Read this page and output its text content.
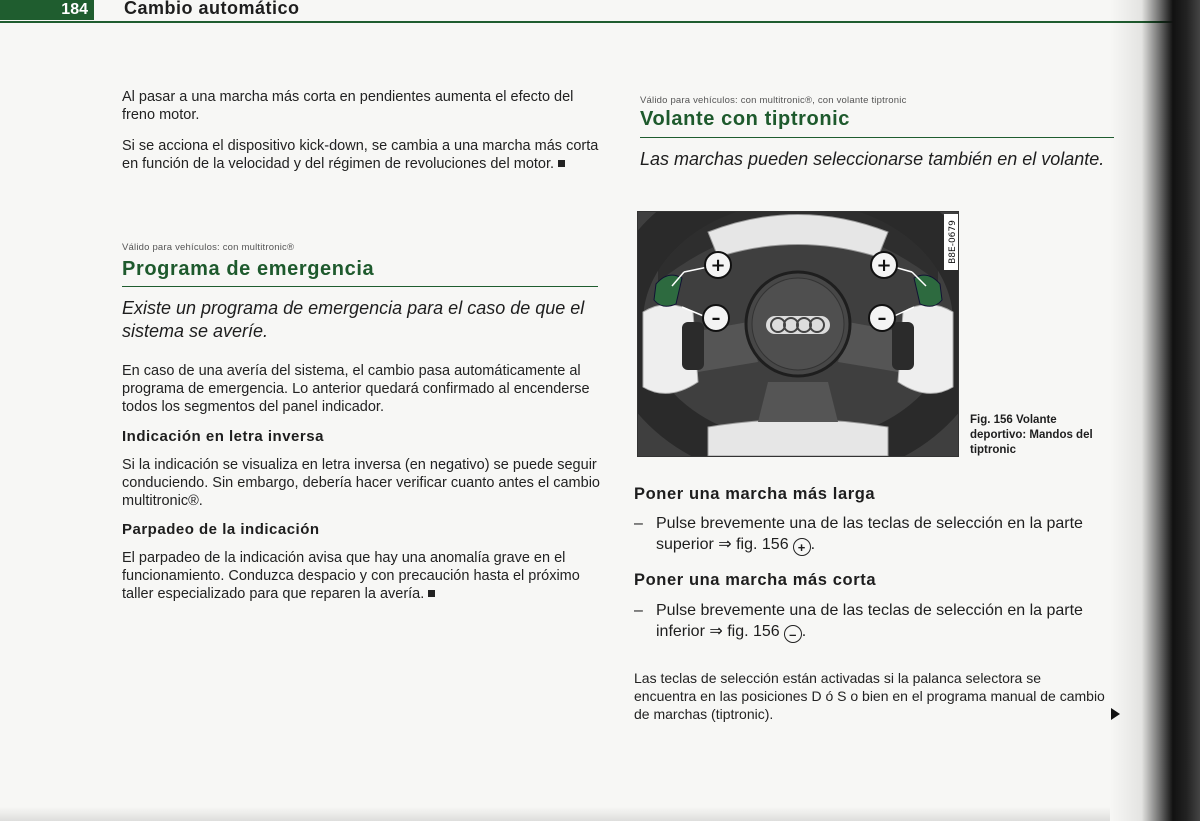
184	Cambio automático
Al pasar a una marcha más corta en pendientes aumenta el efecto del freno motor.
Si se acciona el dispositivo kick-down, se cambia a una marcha más corta en función de la velocidad y del régimen de revoluciones del motor.
Válido para vehículos: con multitronic®
Programa de emergencia
Existe un programa de emergencia para el caso de que el sistema se averíe.
En caso de una avería del sistema, el cambio pasa automáticamente al programa de emergencia. Lo anterior quedará confirmado al encenderse todos los segmentos del panel indicador.
Indicación en letra inversa
Si la indicación se visualiza en letra inversa (en negativo) se puede seguir conduciendo. Sin embargo, debería hacer verificar cuanto antes el cambio multitronic®.
Parpadeo de la indicación
El parpadeo de la indicación avisa que hay una anomalía grave en el funcionamiento. Conduzca despacio y con precaución hasta el próximo taller especializado para que reparen la avería.
Válido para vehículos: con multitronic®, con volante tiptronic
Volante con tiptronic
Las marchas pueden seleccionarse también en el volante.
+
–
+
–
B8E-0679
Fig. 156 Volante
deportivo: Mandos del
tiptronic
Poner una marcha más larga
– Pulse brevemente una de las teclas de selección en la parte superior ⇒ fig. 156 + .
Poner una marcha más corta
– Pulse brevemente una de las teclas de selección en la parte inferior ⇒ fig. 156 – .
Las teclas de selección están activadas si la palanca selectora se encuentra en las posiciones D ó S o bien en el programa manual de cambio de marchas (tiptronic).
